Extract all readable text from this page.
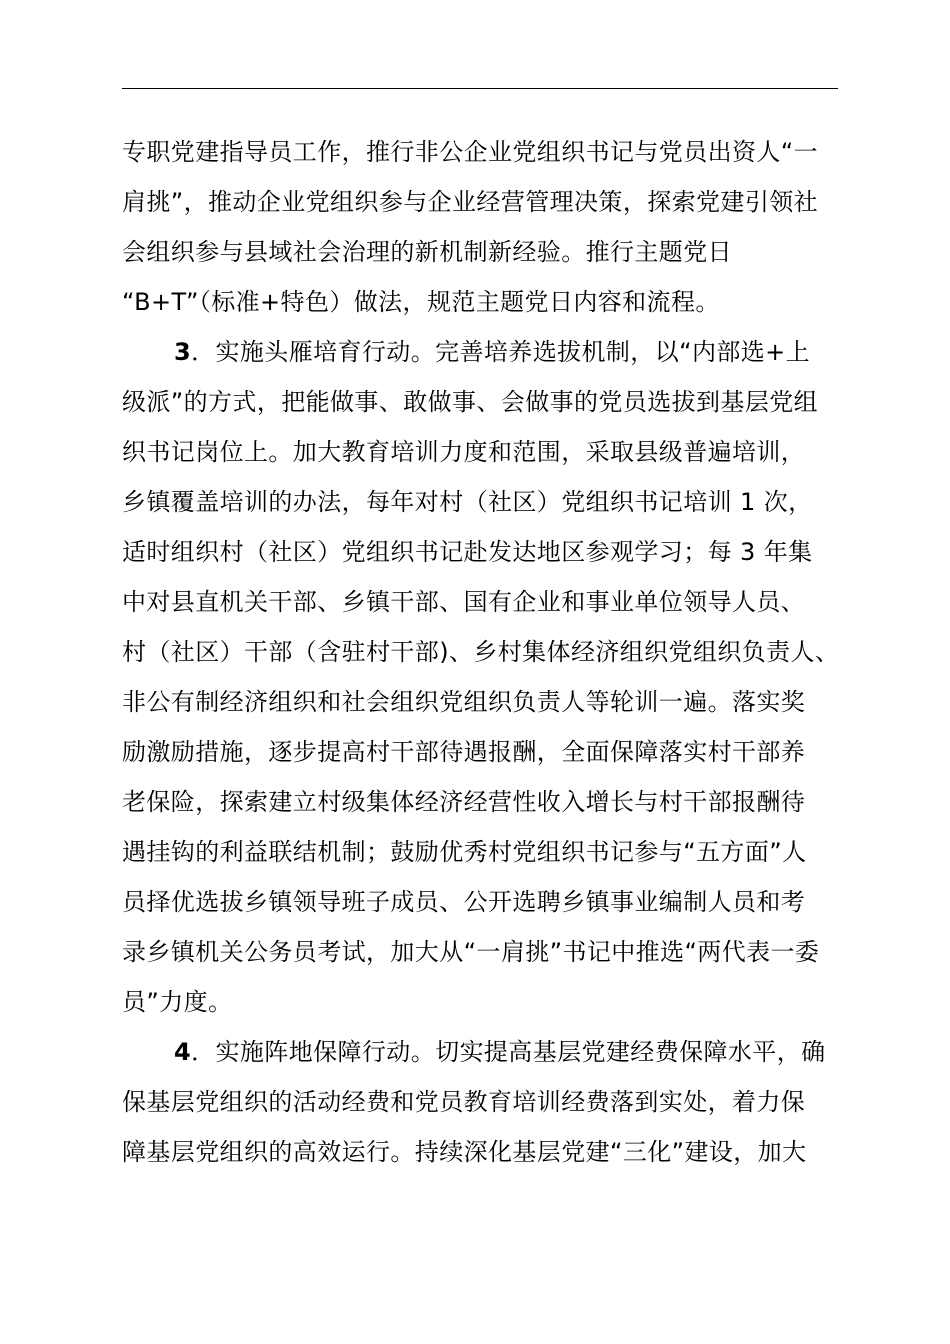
专职党建指导员工作，推行非公企业党组织书记与党员出资人“一
肩挑”，推动企业党组织参与企业经营管理决策，探索党建引领社
会组织参与县域社会治理的新机制新经验。推行主题党日
“B+T”（标准+特色）做法，规范主题党日内容和流程。
3．实施头雁培育行动。完善培养选拔机制，以“内部选+上
级派”的方式，把能做事、敢做事、会做事的党员选拔到基层党组
织书记岗位上。加大教育培训力度和范围，采取县级普遍培训，
乡镇覆盖培训的办法，每年对村（社区）党组织书记培训 1 次，
适时组织村（社区）党组织书记赴发达地区参观学习；每 3 年集
中对县直机关干部、乡镇干部、国有企业和事业单位领导人员、
村（社区）干部（含驻村干部)、乡村集体经济组织党组织负责人、
非公有制经济组织和社会组织党组织负责人等轮训一遍。落实奖
励激励措施，逐步提高村干部待遇报酬，全面保障落实村干部养
老保险，探索建立村级集体经济经营性收入增长与村干部报酬待
遇挂钩的利益联结机制；鼓励优秀村党组织书记参与“五方面”人
员择优选拔乡镇领导班子成员、公开选聘乡镇事业编制人员和考
录乡镇机关公务员考试，加大从“一肩挑”书记中推选“两代表一委
员”力度。
4．实施阵地保障行动。切实提高基层党建经费保障水平，确
保基层党组织的活动经费和党员教育培训经费落到实处，着力保
障基层党组织的高效运行。持续深化基层党建“三化”建设，加大
